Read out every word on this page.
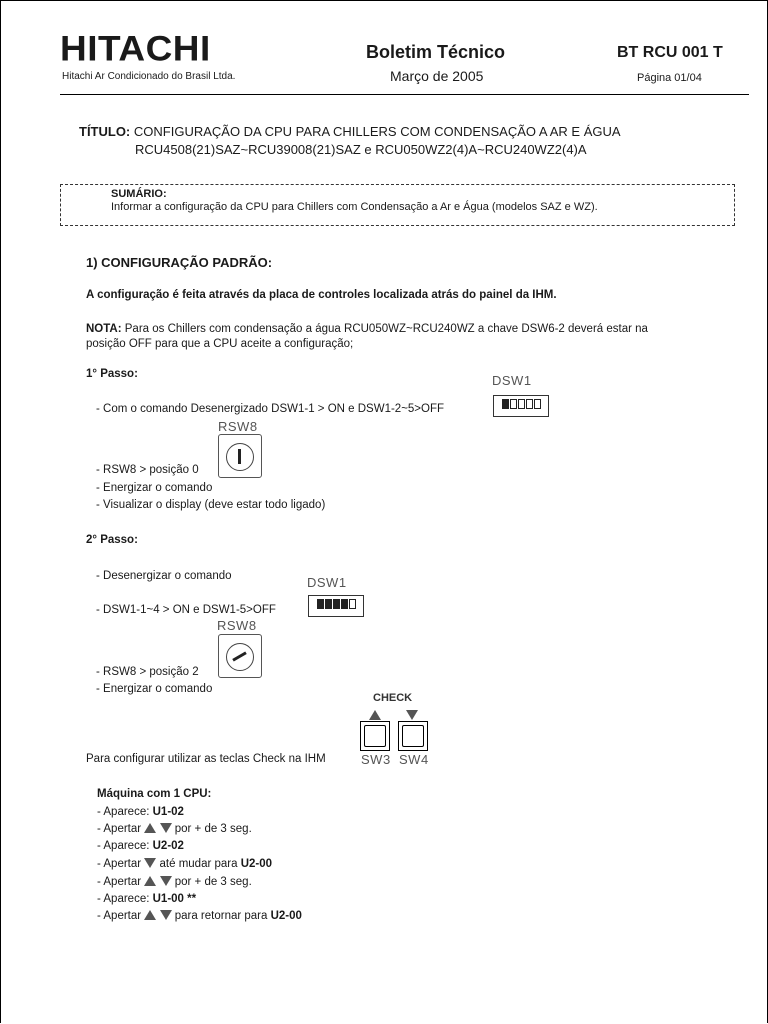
HITACHI
Hitachi Ar Condicionado do Brasil Ltda.
Boletim Técnico
Março de 2005
BT RCU 001 T
Página 01/04
TÍTULO: CONFIGURAÇÃO DA CPU PARA CHILLERS COM CONDENSAÇÃO A AR E ÁGUA
RCU4508(21)SAZ~RCU39008(21)SAZ e RCU050WZ2(4)A~RCU240WZ2(4)A
SUMÁRIO:
Informar a configuração da CPU para Chillers com Condensação a Ar e Água (modelos SAZ e WZ).
1) CONFIGURAÇÃO PADRÃO:
A configuração é feita através da placa de controles localizada atrás do painel da IHM.
NOTA: Para os Chillers com condensação a água RCU050WZ~RCU240WZ a chave DSW6-2 deverá estar na
posição OFF para que a CPU aceite a configuração;
1° Passo:	DSW1
- Com o comando Desenergizado DSW1-1 > ON e DSW1-2~5>OFF
RSW8
- RSW8 > posição 0
- Energizar o comando
- Visualizar o display (deve estar todo ligado)
2° Passo:
- Desenergizar o comando	DSW1
- DSW1-1~4 > ON e DSW1-5>OFF
RSW8
- RSW8 > posição 2
- Energizar o comando
CHECK
Para configurar utilizar as teclas Check na IHM	SW3 SW4
Máquina com 1 CPU:
- Aparece: U1-02
- Apertar	por + de 3 seg.
- Aparece: U2-02
- Apertar até mudar para U2-00
- Apertar	por + de 3 seg.
- Aparece: U1-00 **
- Apertar	para retornar para U2-00
